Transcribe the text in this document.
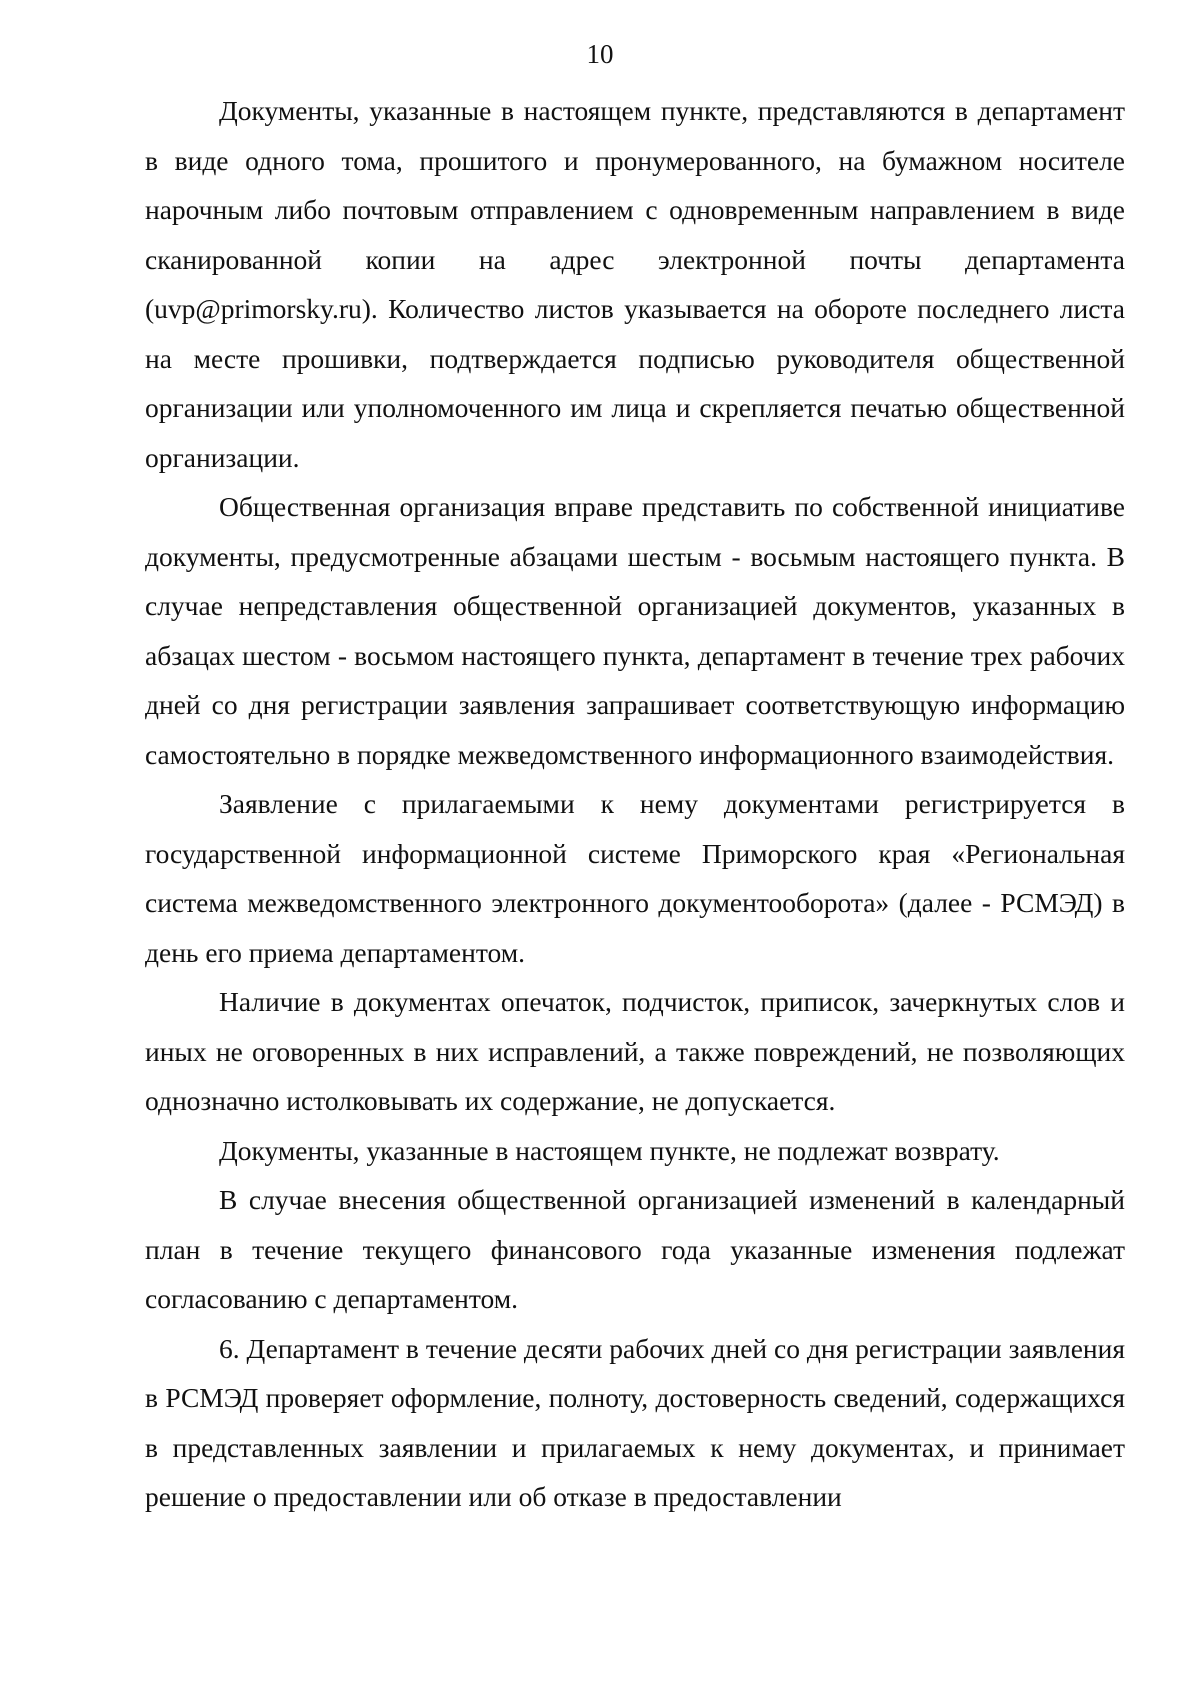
10

Документы, указанные в настоящем пункте, представляются в департамент в виде одного тома, прошитого и пронумерованного, на бумажном носителе нарочным либо почтовым отправлением с одновременным направлением в виде сканированной копии на адрес электронной почты департамента (uvp@primorsky.ru). Количество листов указывается на обороте последнего листа на месте прошивки, подтверждается подписью руководителя общественной организации или уполномоченного им лица и скрепляется печатью общественной организации.

Общественная организация вправе представить по собственной инициативе документы, предусмотренные абзацами шестым - восьмым настоящего пункта. В случае непредставления общественной организацией документов, указанных в абзацах шестом - восьмом настоящего пункта, департамент в течение трех рабочих дней со дня регистрации заявления запрашивает соответствующую информацию самостоятельно в порядке межведомственного информационного взаимодействия.

Заявление с прилагаемыми к нему документами регистрируется в государственной информационной системе Приморского края «Региональная система межведомственного электронного документооборота» (далее - РСМЭД) в день его приема департаментом.

Наличие в документах опечаток, подчисток, приписок, зачеркнутых слов и иных не оговоренных в них исправлений, а также повреждений, не позволяющих однозначно истолковывать их содержание, не допускается.

Документы, указанные в настоящем пункте, не подлежат возврату.

В случае внесения общественной организацией изменений в календарный план в течение текущего финансового года указанные изменения подлежат согласованию с департаментом.

6. Департамент в течение десяти рабочих дней со дня регистрации заявления в РСМЭД проверяет оформление, полноту, достоверность сведений, содержащихся в представленных заявлении и прилагаемых к нему документах, и принимает решение о предоставлении или об отказе в предоставлении
